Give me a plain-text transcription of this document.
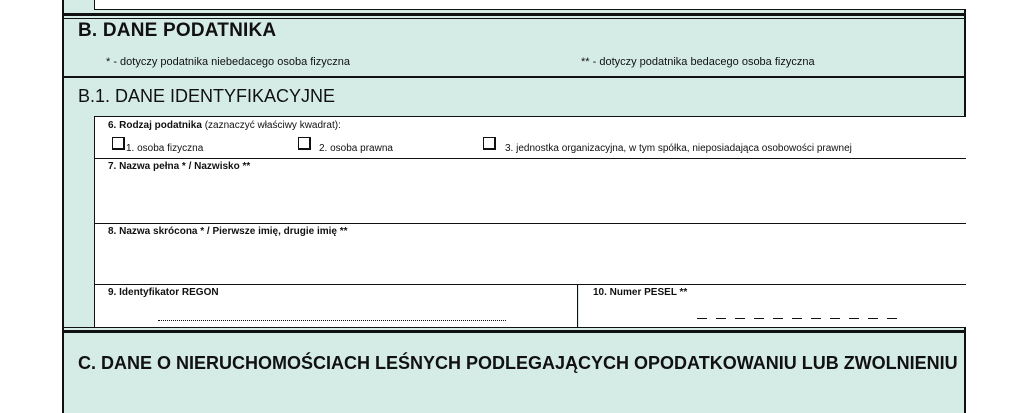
B. DANE PODATNIKA
* - dotyczy podatnika niebedacego osoba fizyczna	** - dotyczy podatnika bedacego osoba fizyczna
B.1. DANE IDENTYFIKACYJNE
6. Rodzaj podatnika (zaznaczyć właściwy kwadrat):
1. osoba fizyczna	2. osoba prawna	3. jednostka organizacyjna, w tym spółka, nieposiadająca osobowości prawnej
7. Nazwa pełna * / Nazwisko **
8. Nazwa skrócona * / Pierwsze imię, drugie imię **
9. Identyfikator REGON	10. Numer PESEL **
C. DANE O NIERUCHOMOŚCIACH LEŚNYCH PODLEGAJĄCYCH OPODATKOWANIU LUB ZWOLNIENIU
